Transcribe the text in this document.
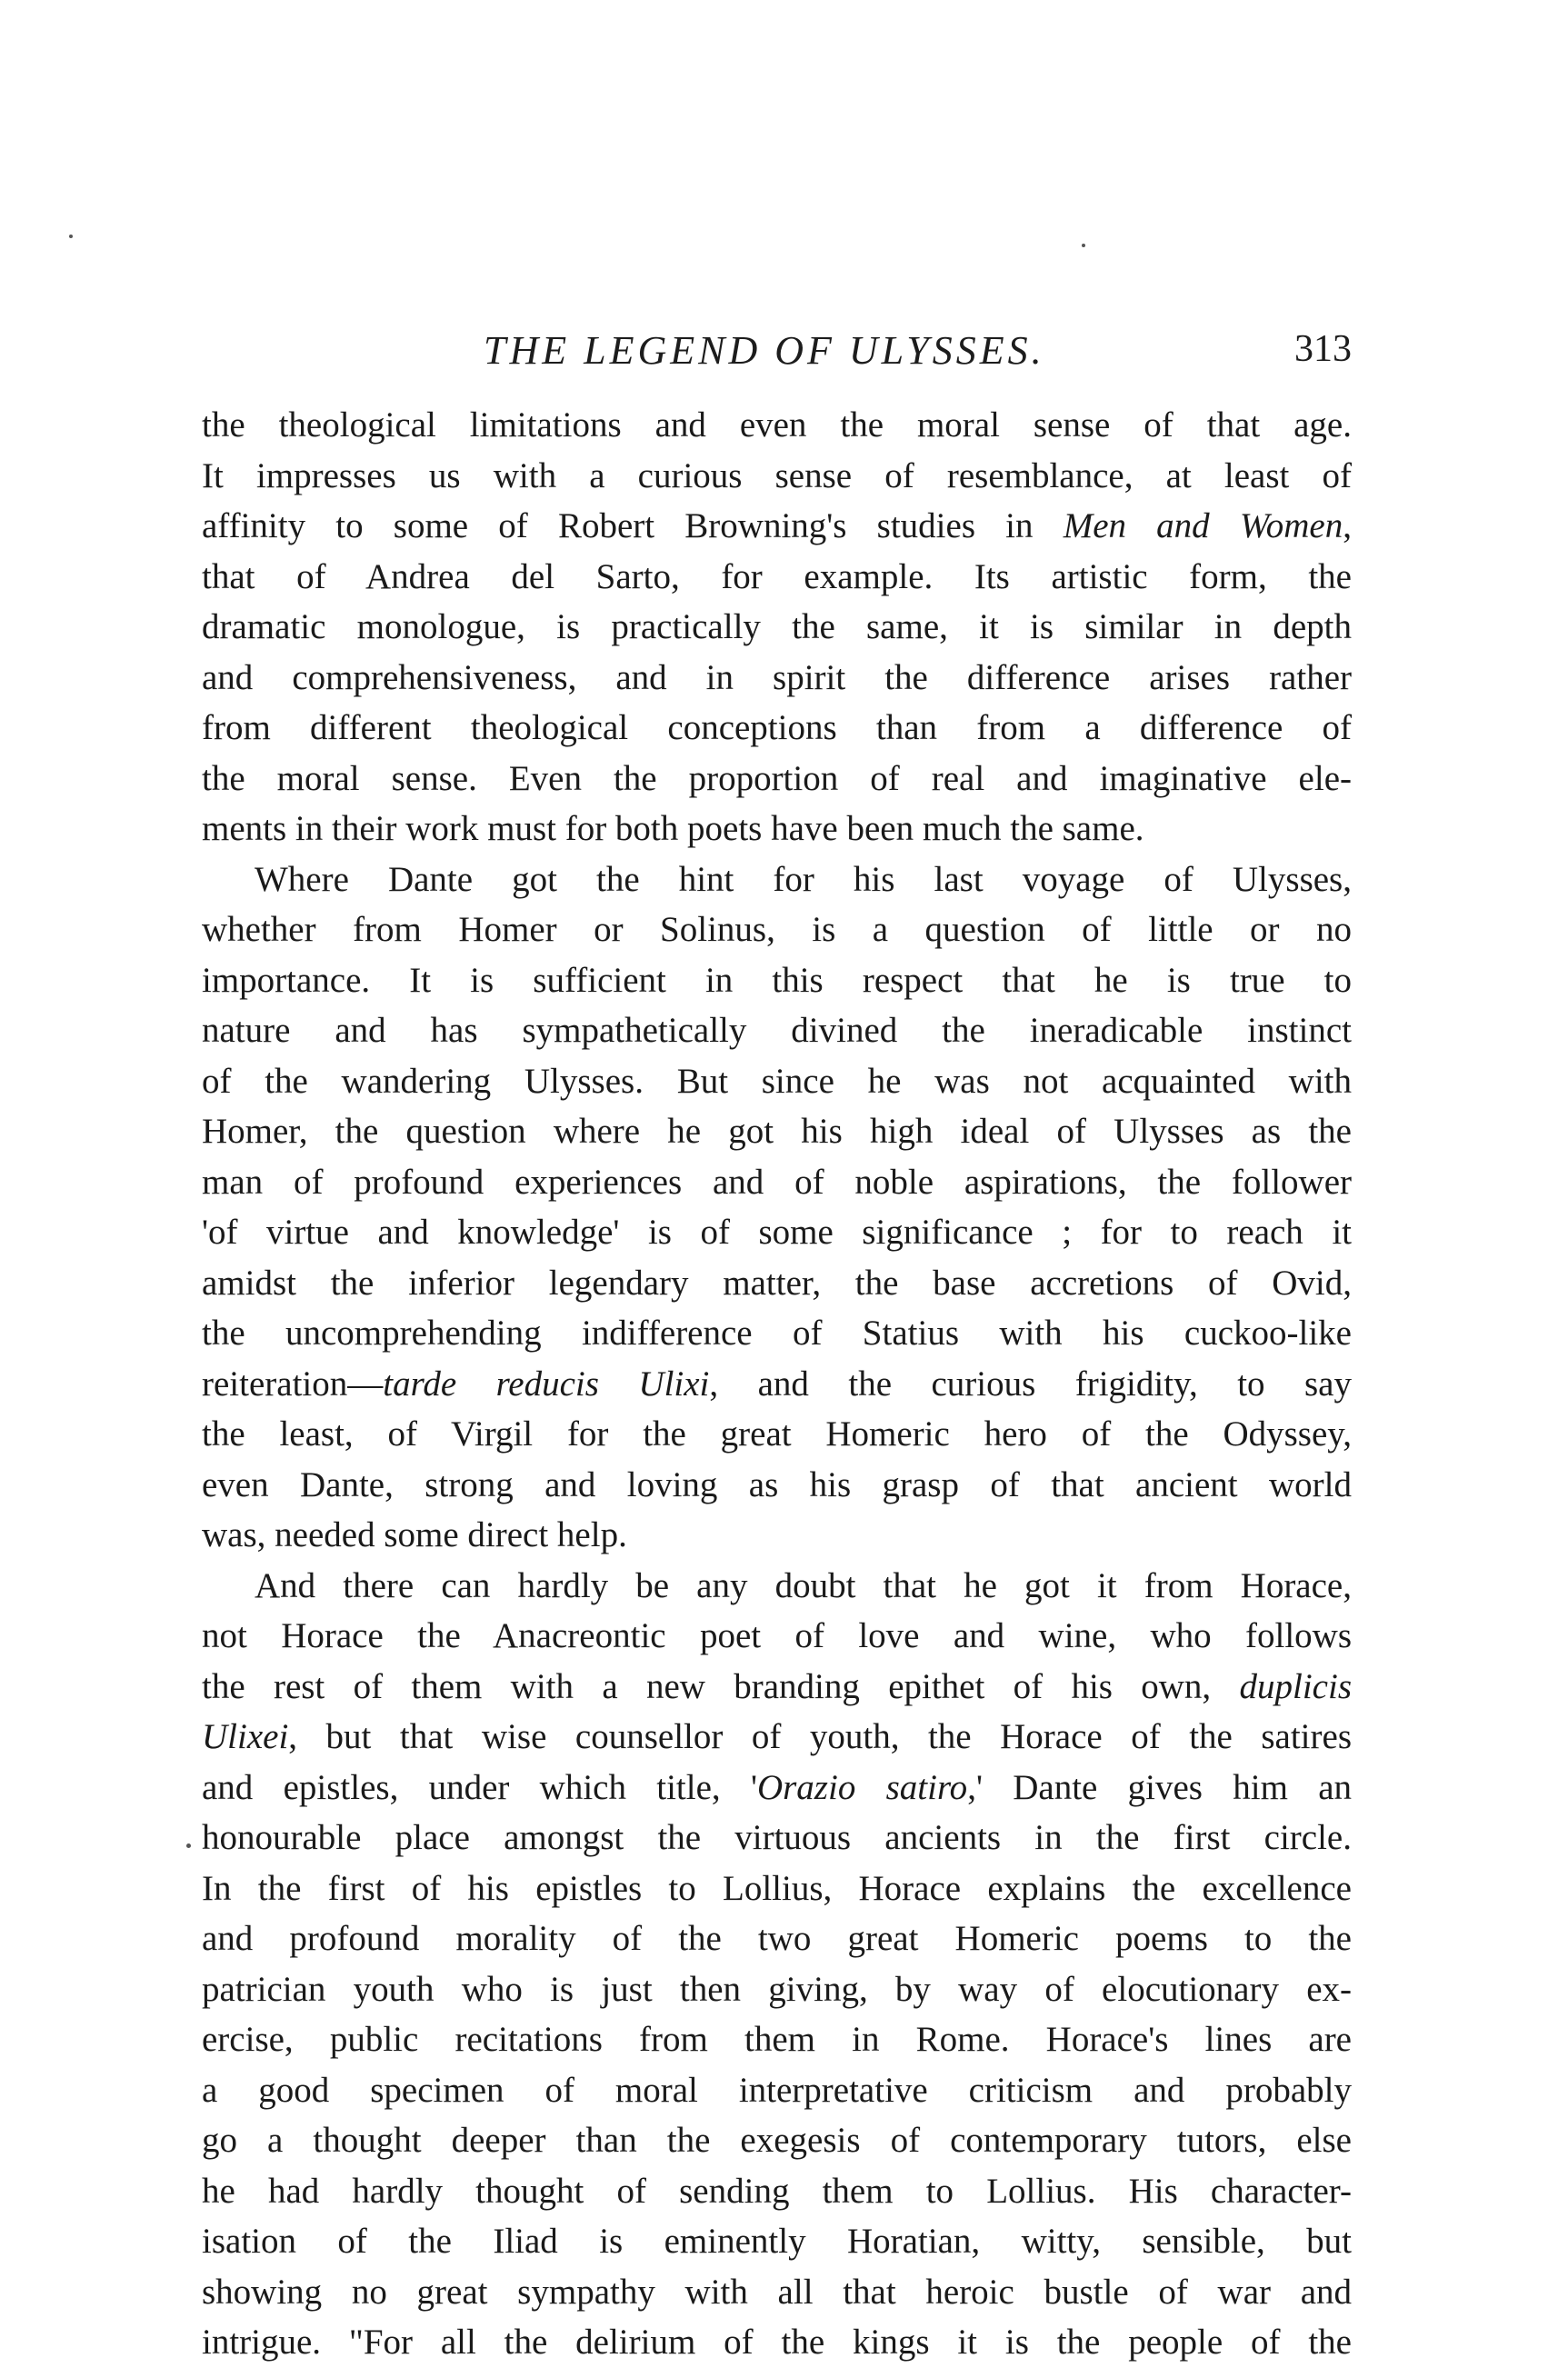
THE LEGEND OF ULYSSES.	313
the theological limitations and even the moral sense of that age.
It impresses us with a curious sense of resemblance, at least of
affinity to some of Robert Browning's studies in Men and Women,
that of Andrea del Sarto, for example. Its artistic form, the
dramatic monologue, is practically the same, it is similar in depth
and comprehensiveness, and in spirit the difference arises rather
from different theological conceptions than from a difference of
the moral sense. Even the proportion of real and imaginative ele-
ments in their work must for both poets have been much the same.
Where Dante got the hint for his last voyage of Ulysses,
whether from Homer or Solinus, is a question of little or no
importance. It is sufficient in this respect that he is true to
nature and has sympathetically divined the ineradicable instinct
of the wandering Ulysses. But since he was not acquainted with
Homer, the question where he got his high ideal of Ulysses as the
man of profound experiences and of noble aspirations, the follower
'of virtue and knowledge' is of some significance ; for to reach it
amidst the inferior legendary matter, the base accretions of Ovid,
the uncomprehending indifference of Statius with his cuckoo-like
reiteration—tarde reducis Ulixi, and the curious frigidity, to say
the least, of Virgil for the great Homeric hero of the Odyssey,
even Dante, strong and loving as his grasp of that ancient world
was, needed some direct help.
And there can hardly be any doubt that he got it from Horace,
not Horace the Anacreontic poet of love and wine, who follows
the rest of them with a new branding epithet of his own, duplicis
Ulixei, but that wise counsellor of youth, the Horace of the satires
and epistles, under which title, 'Orazio satiro,' Dante gives him an
honourable place amongst the virtuous ancients in the first circle.
In the first of his epistles to Lollius, Horace explains the excellence
and profound morality of the two great Homeric poems to the
patrician youth who is just then giving, by way of elocutionary ex-
ercise, public recitations from them in Rome. Horace's lines are
a good specimen of moral interpretative criticism and probably
go a thought deeper than the exegesis of contemporary tutors, else
he had hardly thought of sending them to Lollius. His character-
isation of the Iliad is eminently Horatian, witty, sensible, but
showing no great sympathy with all that heroic bustle of war and
intrigue. "For all the delirium of the kings it is the people of the
